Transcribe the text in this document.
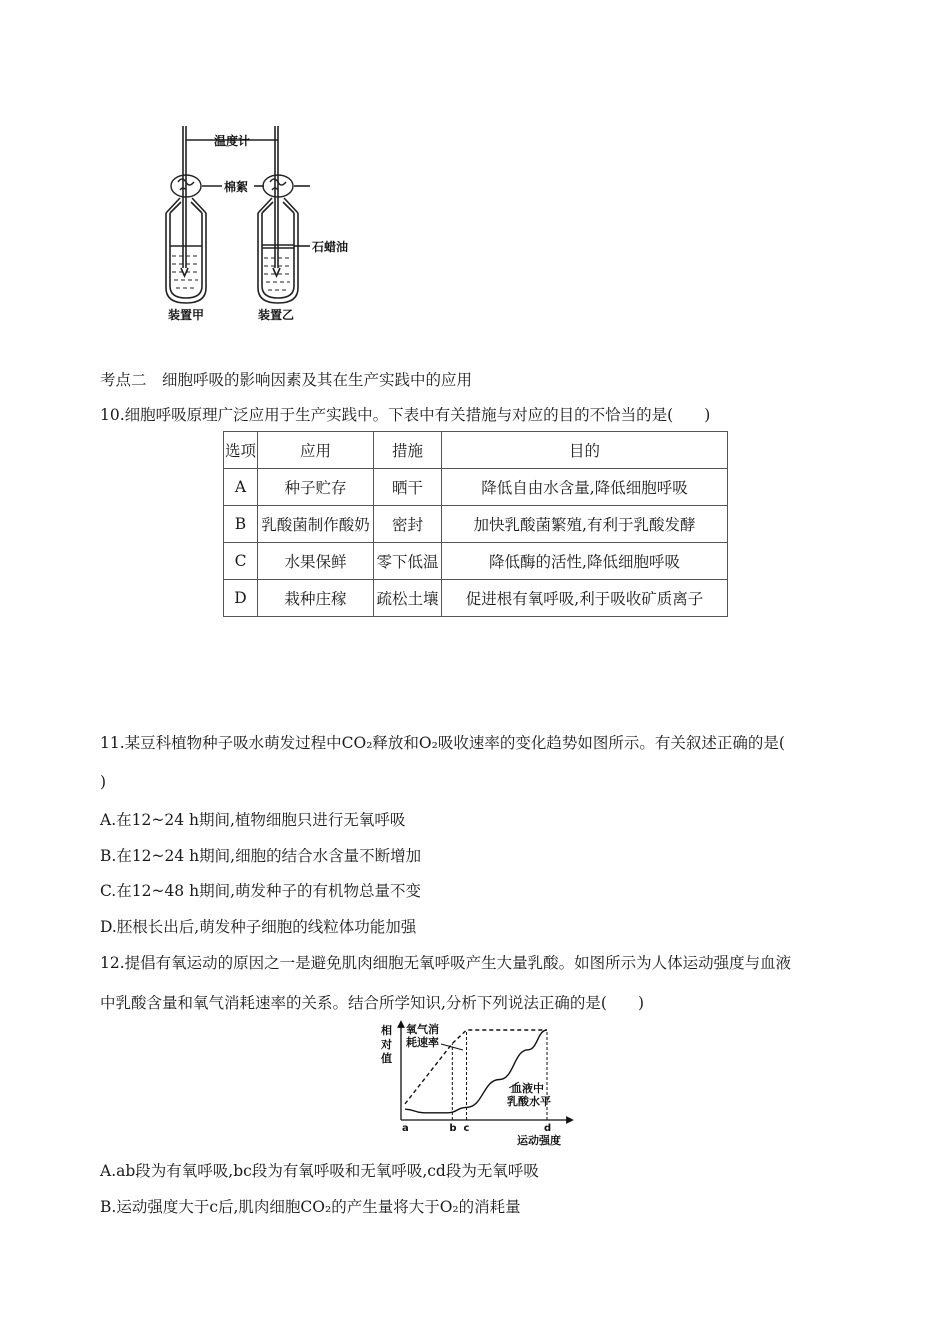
温度计
棉絮
石蜡油
装置甲	装置乙
考点二　细胞呼吸的影响因素及其在生产实践中的应用
10.细胞呼吸原理广泛应用于生产实践中。下表中有关措施与对应的目的不恰当的是(　　)
选项	应用	措施	目的
A	种子贮存	晒干	降低自由水含量,降低细胞呼吸
B	乳酸菌制作酸奶	密封	加快乳酸菌繁殖,有利于乳酸发酵
C	水果保鲜	零下低温	降低酶的活性,降低细胞呼吸
D	栽种庄稼	疏松土壤	促进根有氧呼吸,利于吸收矿质离子
11.某豆科植物种子吸水萌发过程中CO₂释放和O₂吸收速率的变化趋势如图所示。有关叙述正确的是(
)
A.在12~24 h期间,植物细胞只进行无氧呼吸
B.在12~24 h期间,细胞的结合水含量不断增加
C.在12~48 h期间,萌发种子的有机物总量不变
D.胚根长出后,萌发种子细胞的线粒体功能加强
12.提倡有氧运动的原因之一是避免肌肉细胞无氧呼吸产生大量乳酸。如图所示为人体运动强度与血液
中乳酸含量和氧气消耗速率的关系。结合所学知识,分析下列说法正确的是(　　)
相
对
值
a	b c	d
氧气消
耗速率
血液中
乳酸水平
运动强度
A.ab段为有氧呼吸,bc段为有氧呼吸和无氧呼吸,cd段为无氧呼吸
B.运动强度大于c后,肌肉细胞CO₂的产生量将大于O₂的消耗量
